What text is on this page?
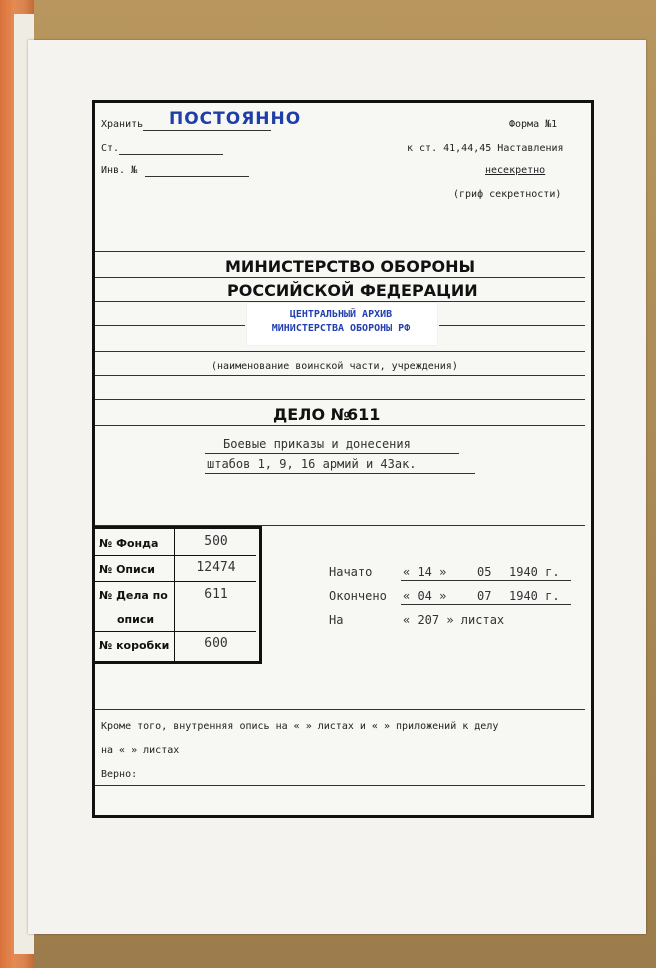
Хранить ПОСТОЯННО
Ст.
Инв. №
Форма №1
к ст. 41,44,45 Наставления
несекретно
(гриф секретности)
МИНИСТЕРСТВО ОБОРОНЫ
РОССИЙСКОЙ ФЕДЕРАЦИИ
ЦЕНТРАЛЬНЫЙ АРХИВ
МИНИСТЕРСТВА ОБОРОНЫ РФ
(наименование воинской части, учреждения)
ДЕЛО №
611
Боевые приказы и донесения
штабов 1, 9, 16 армий и 43ак.
№ Фонда	500
№ Описи	12474
№ Дела по
описи
611
№ коробки	600
Начато	« 14 »	05 1940 г.
Окончено « 04 »	07 1940 г.
На	« 207 » листах
Кроме того, внутренняя опись на « » листах и « » приложений к делу
на « » листах
Верно:
